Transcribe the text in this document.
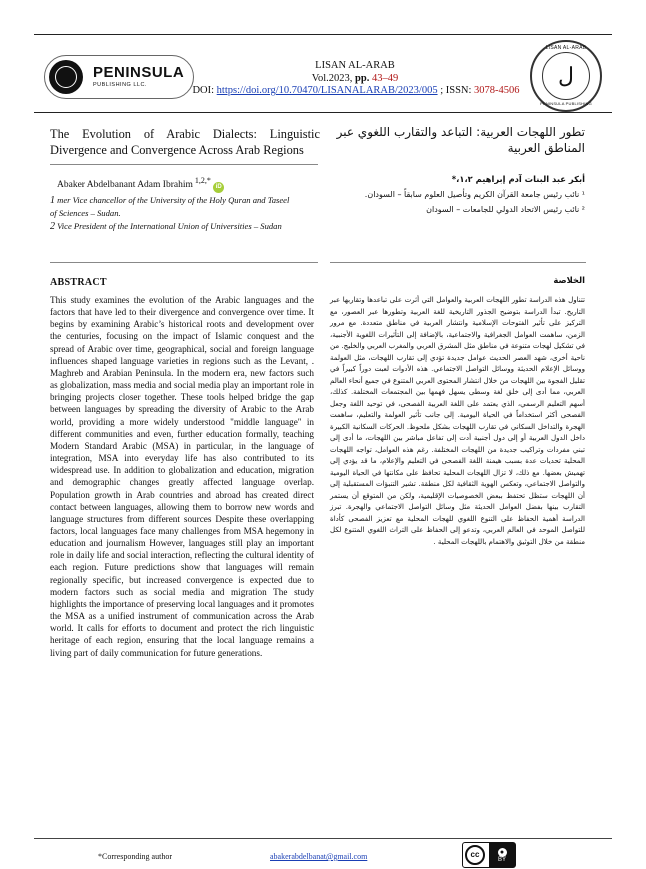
PENINSULA
PUBLISHING LLC.
LISAN AL-ARAB
Vol.2023, pp. 43–49
DOI: https://doi.org/10.70470/LISANALARAB/2023/005 ; ISSN: 3078-4506
LISAN AL-ARAB
ل
PENINSULA PUBLISHING
The Evolution of Arabic Dialects: Linguistic Divergence and Convergence Across Arab Regions
تطور اللهجات العربية: التباعد والتقارب اللغوي عبر المناطق العربية
Abaker Abdelbanant Adam Ibrahim $^{1,2,*}$ iD
1 mer Vice chancellor of the University of the Holy Quran and Taseel of Sciences – Sudan.
2 Vice President of the International Union of Universities – Sudan
أبكر عبد البنات آدم إبراهيم ١،٢،*
¹ نائب رئيس جامعة القرآن الكريم وتأصيل العلوم سابقاً – السودان.
² نائب رئيس الاتحاد الدولي للجامعات – السودان
ABSTRACT	الخلاصة
This study examines the evolution of the Arabic languages and the factors that have led to their divergence and convergence over time. It begins by examining Arabic’s historical roots and development over the centuries, focusing on the impact of Islamic conquest and the spread of Arabic over time, geographical, social and foreign language influences shaped language varieties in regions such as the Levant, . Maghreb and Arabian Peninsula. In the modern era, new factors such as globalization, mass media and social media play an important role in bringing projects closer together. These tools helped bridge the gap between languages by spreading the diversity of Arabic to the Arab world, providing a more widely understood "middle language" in different communities and even, further education formally, teaching Modern Standard Arabic (MSA) in particular, in the language of integration, MSA into everyday life has also contributed to its widespread use. In addition to globalization and education, migration and demographic changes greatly affected language overlap. Population growth in Arab countries and abroad has created direct contact between languages, allowing them to borrow new words and language structures from different sources Despite these overlapping factors, local languages face many challenges from MSA hegemony in education and journalism However, languages still play an important role in daily life and social interaction, reflecting the cultural identity of each region. Future predictions show that languages will remain regionally specific, but increased convergence is expected due to modern factors such as social media and migration The study highlights the importance of preserving local languages and it promotes the MSA as a unified instrument of communication across the Arab world. It calls for efforts to document and protect the rich linguistic heritage of each region, ensuring that the local language remains a living part of daily communication for future generations.
تتناول هذه الدراسة تطور اللهجات العربية والعوامل التي أثرت على تباعدها وتقاربها عبر التاريخ. تبدأ الدراسة بتوضيح الجذور التاريخية للغة العربية وتطورها عبر العصور، مع التركيز على تأثير الفتوحات الإسلامية وانتشار العربية في مناطق متعددة. مع مرور الزمن، ساهمت العوامل الجغرافية والاجتماعية، بالإضافة إلى التأثيرات اللغوية الأجنبية، في تشكيل لهجات متنوعة في مناطق مثل المشرق العربي والمغرب العربي والخليج. من ناحية أخرى، شهد العصر الحديث عوامل جديدة تؤدي إلى تقارب اللهجات، مثل العولمة ووسائل الإعلام الحديثة ووسائل التواصل الاجتماعي. هذه الأدوات لعبت دوراً كبيراً في تقليل الفجوة بين اللهجات من خلال انتشار المحتوى العربي المتنوع في جميع أنحاء العالم العربي، مما أدى إلى خلق لغة وسطى يسهل فهمها بين المجتمعات المختلفة. كذلك، أسهم التعليم الرسمي، الذي يعتمد على اللغة العربية الفصحى، في توحيد اللغة وجعل الفصحى أكثر استخداماً في الحياة اليومية. إلى جانب تأثير العولمة والتعليم، ساهمت الهجرة والتداخل السكاني في تقارب اللهجات بشكل ملحوظ. الحركات السكانية الكبيرة داخل الدول العربية أو إلى دول أجنبية أدت إلى تفاعل مباشر بين اللهجات، ما أدى إلى تبني مفردات وتراكيب جديدة من اللهجات المختلفة. رغم هذه العوامل، تواجه اللهجات المحلية تحديات عدة بسبب هيمنة اللغة الفصحى في التعليم والإعلام، ما قد يؤدي إلى تهميش بعضها. مع ذلك، لا تزال اللهجات المحلية تحافظ على مكانتها في الحياة اليومية والتواصل الاجتماعي، وتعكس الهوية الثقافية لكل منطقة. تشير التنبؤات المستقبلية إلى أن اللهجات ستظل تحتفظ ببعض الخصوصيات الإقليمية، ولكن من المتوقع أن يستمر التقارب بينها بفضل العوامل الحديثة مثل وسائل التواصل الاجتماعي والهجرة. تبرز الدراسة أهمية الحفاظ على التنوع اللغوي للهجات المحلية مع تعزيز الفصحى كأداة للتواصل الموحد في العالم العربي، وتدعو إلى الحفاظ على التراث اللغوي المتنوع لكل منطقة من خلال التوثيق والاهتمام باللهجات المحلية .
*Corresponding author	abakerabdelbanat@gmail.com	cc	●
BY
